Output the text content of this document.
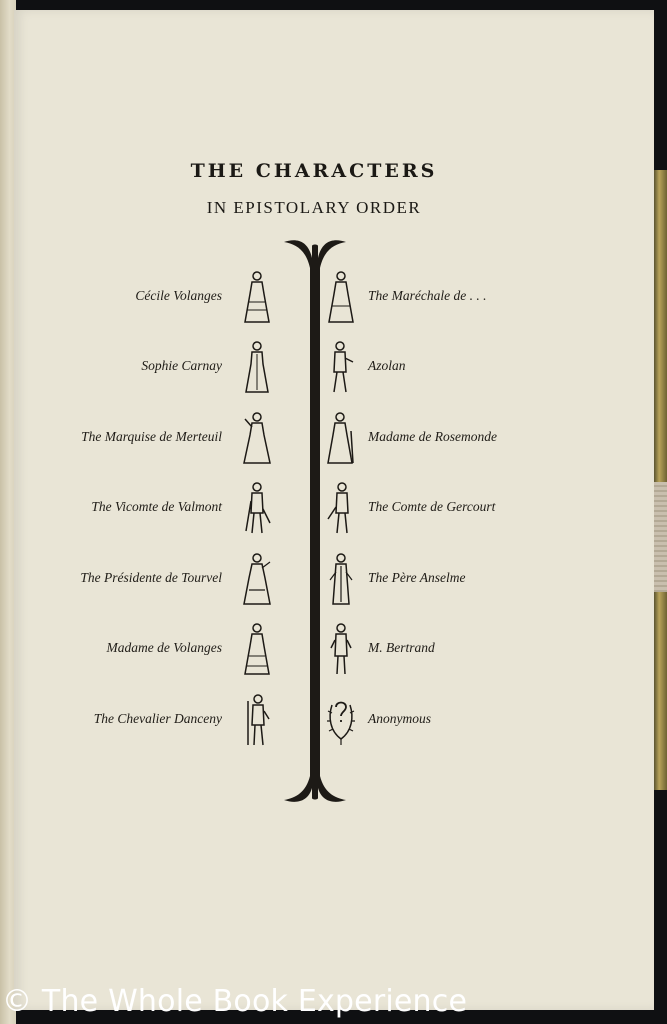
THE CHARACTERS
IN EPISTOLARY ORDER
Cécile Volanges
Sophie Carnay
The Marquise de Merteuil
The Vicomte de Valmont
The Présidente de Tourvel
Madame de Volanges
The Chevalier Danceny
The Maréchale de . . .
Azolan
Madame de Rosemonde
The Comte de Gercourt
The Père Anselme
M. Bertrand
Anonymous
© The Whole Book Experience
